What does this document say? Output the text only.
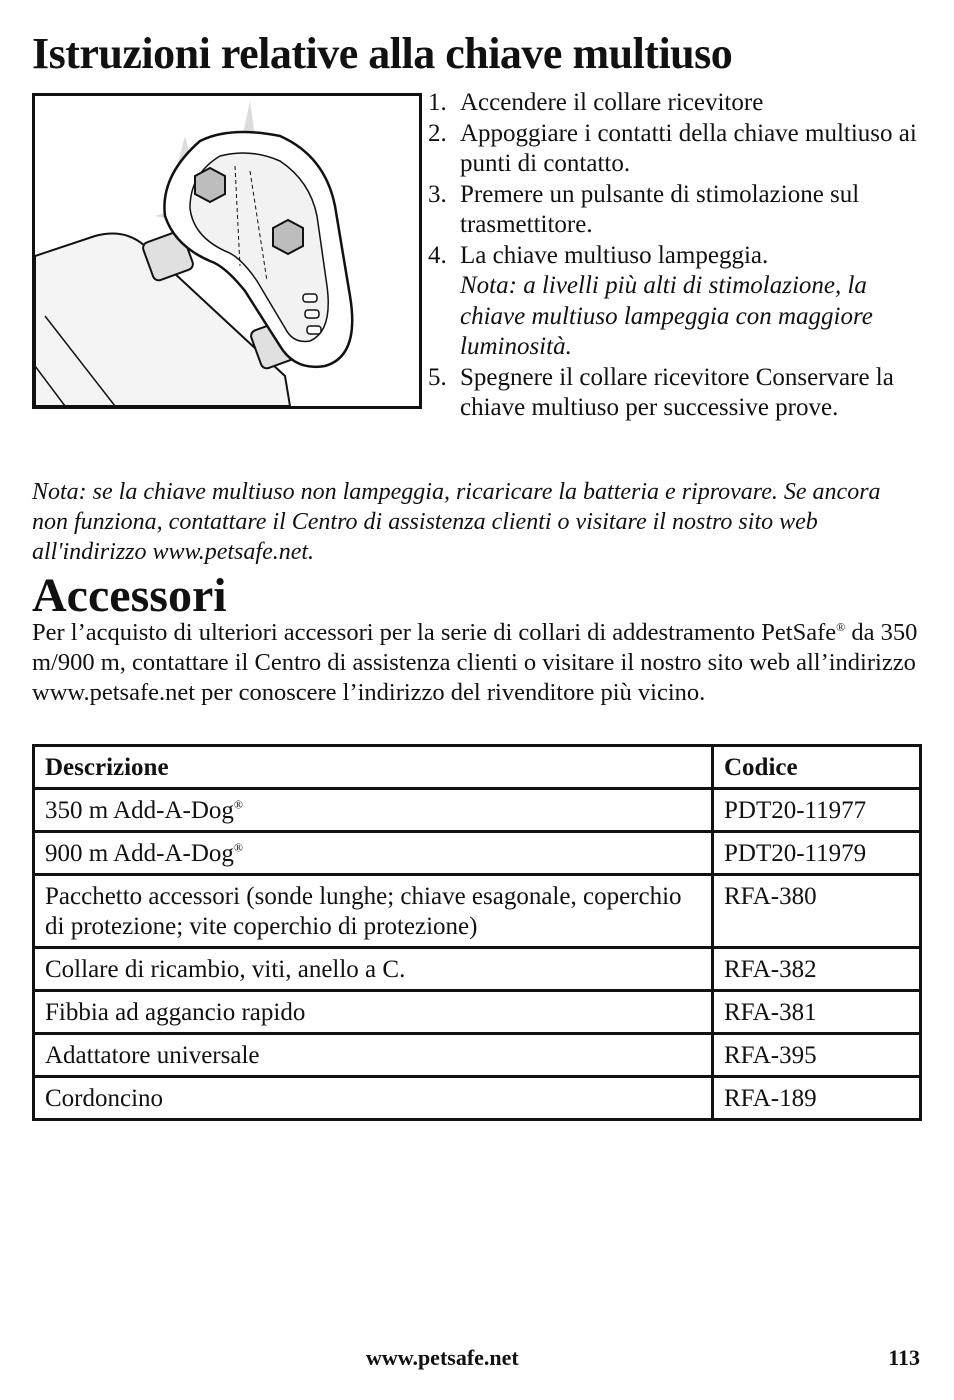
Istruzioni relative alla chiave multiuso
1. Accendere il collare ricevitore
2. Appoggiare i contatti della chiave multiuso ai punti di contatto.
3. Premere un pulsante di stimolazione sul trasmettitore.
4. La chiave multiuso lampeggia.
Nota: a livelli più alti di stimolazione, la chiave multiuso lampeggia con maggiore luminosità.
5. Spegnere il collare ricevitore Conservare la chiave multiuso per successive prove.

Nota: se la chiave multiuso non lampeggia, ricaricare la batteria e riprovare. Se ancora non funziona, contattare il Centro di assistenza clienti o visitare il nostro sito web all'indirizzo www.petsafe.net.

Accessori

Per l’acquisto di ulteriori accessori per la serie di collari di addestramento PetSafe® da 350 m/900 m, contattare il Centro di assistenza clienti o visitare il nostro sito web all’indirizzo www.petsafe.net per conoscere l’indirizzo del rivenditore più vicino.

Descrizione	Codice
350 m Add-A-Dog®	PDT20-11977
900 m Add-A-Dog®	PDT20-11979
Pacchetto accessori (sonde lunghe; chiave esagonale, coperchio di protezione; vite coperchio di protezione)	RFA-380
Collare di ricambio, viti, anello a C.	RFA-382
Fibbia ad aggancio rapido	RFA-381
Adattatore universale	RFA-395
Cordoncino	RFA-189

www.petsafe.net	113
